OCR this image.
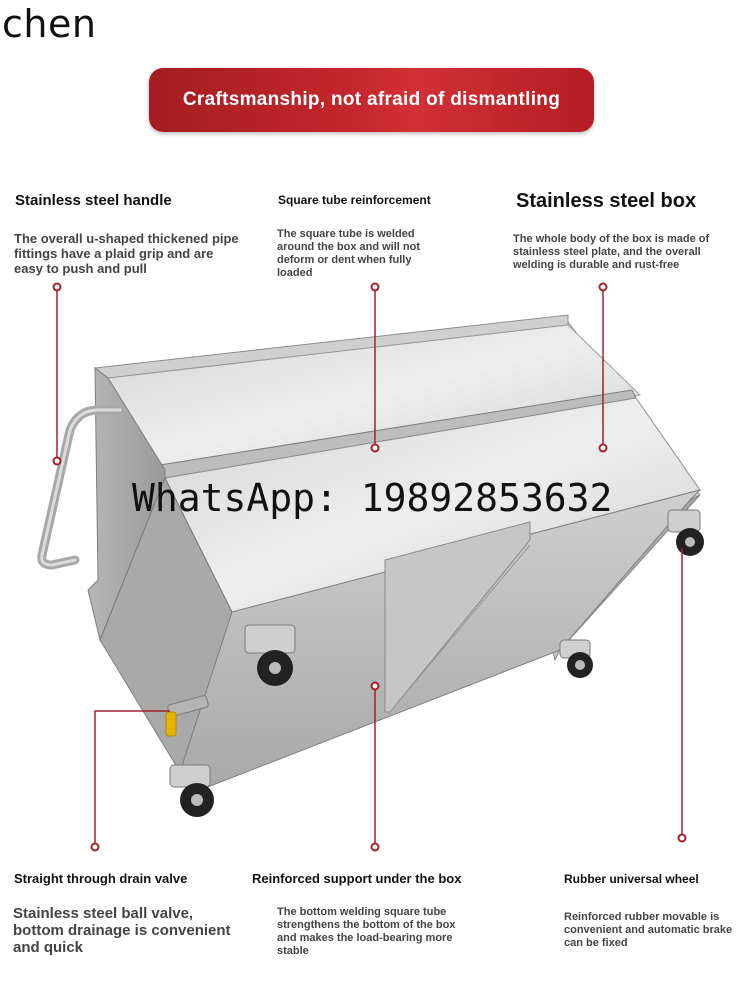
chen
Craftsmanship, not afraid of dismantling
Stainless steel handle
The overall u-shaped thickened pipe fittings have a plaid grip and are easy to push and pull
Square tube reinforcement
The square tube is welded around the box and will not deform or dent when fully loaded
Stainless steel box
The whole body of the box is made of stainless steel plate, and the overall welding is durable and rust-free
WhatsApp: 19892853632
Straight through drain valve
Stainless steel ball valve, bottom drainage is convenient and quick
Reinforced support under the box
The bottom welding square tube strengthens the bottom of the box and makes the load-bearing more stable
Rubber universal wheel
Reinforced rubber movable is convenient and automatic brake can be fixed
